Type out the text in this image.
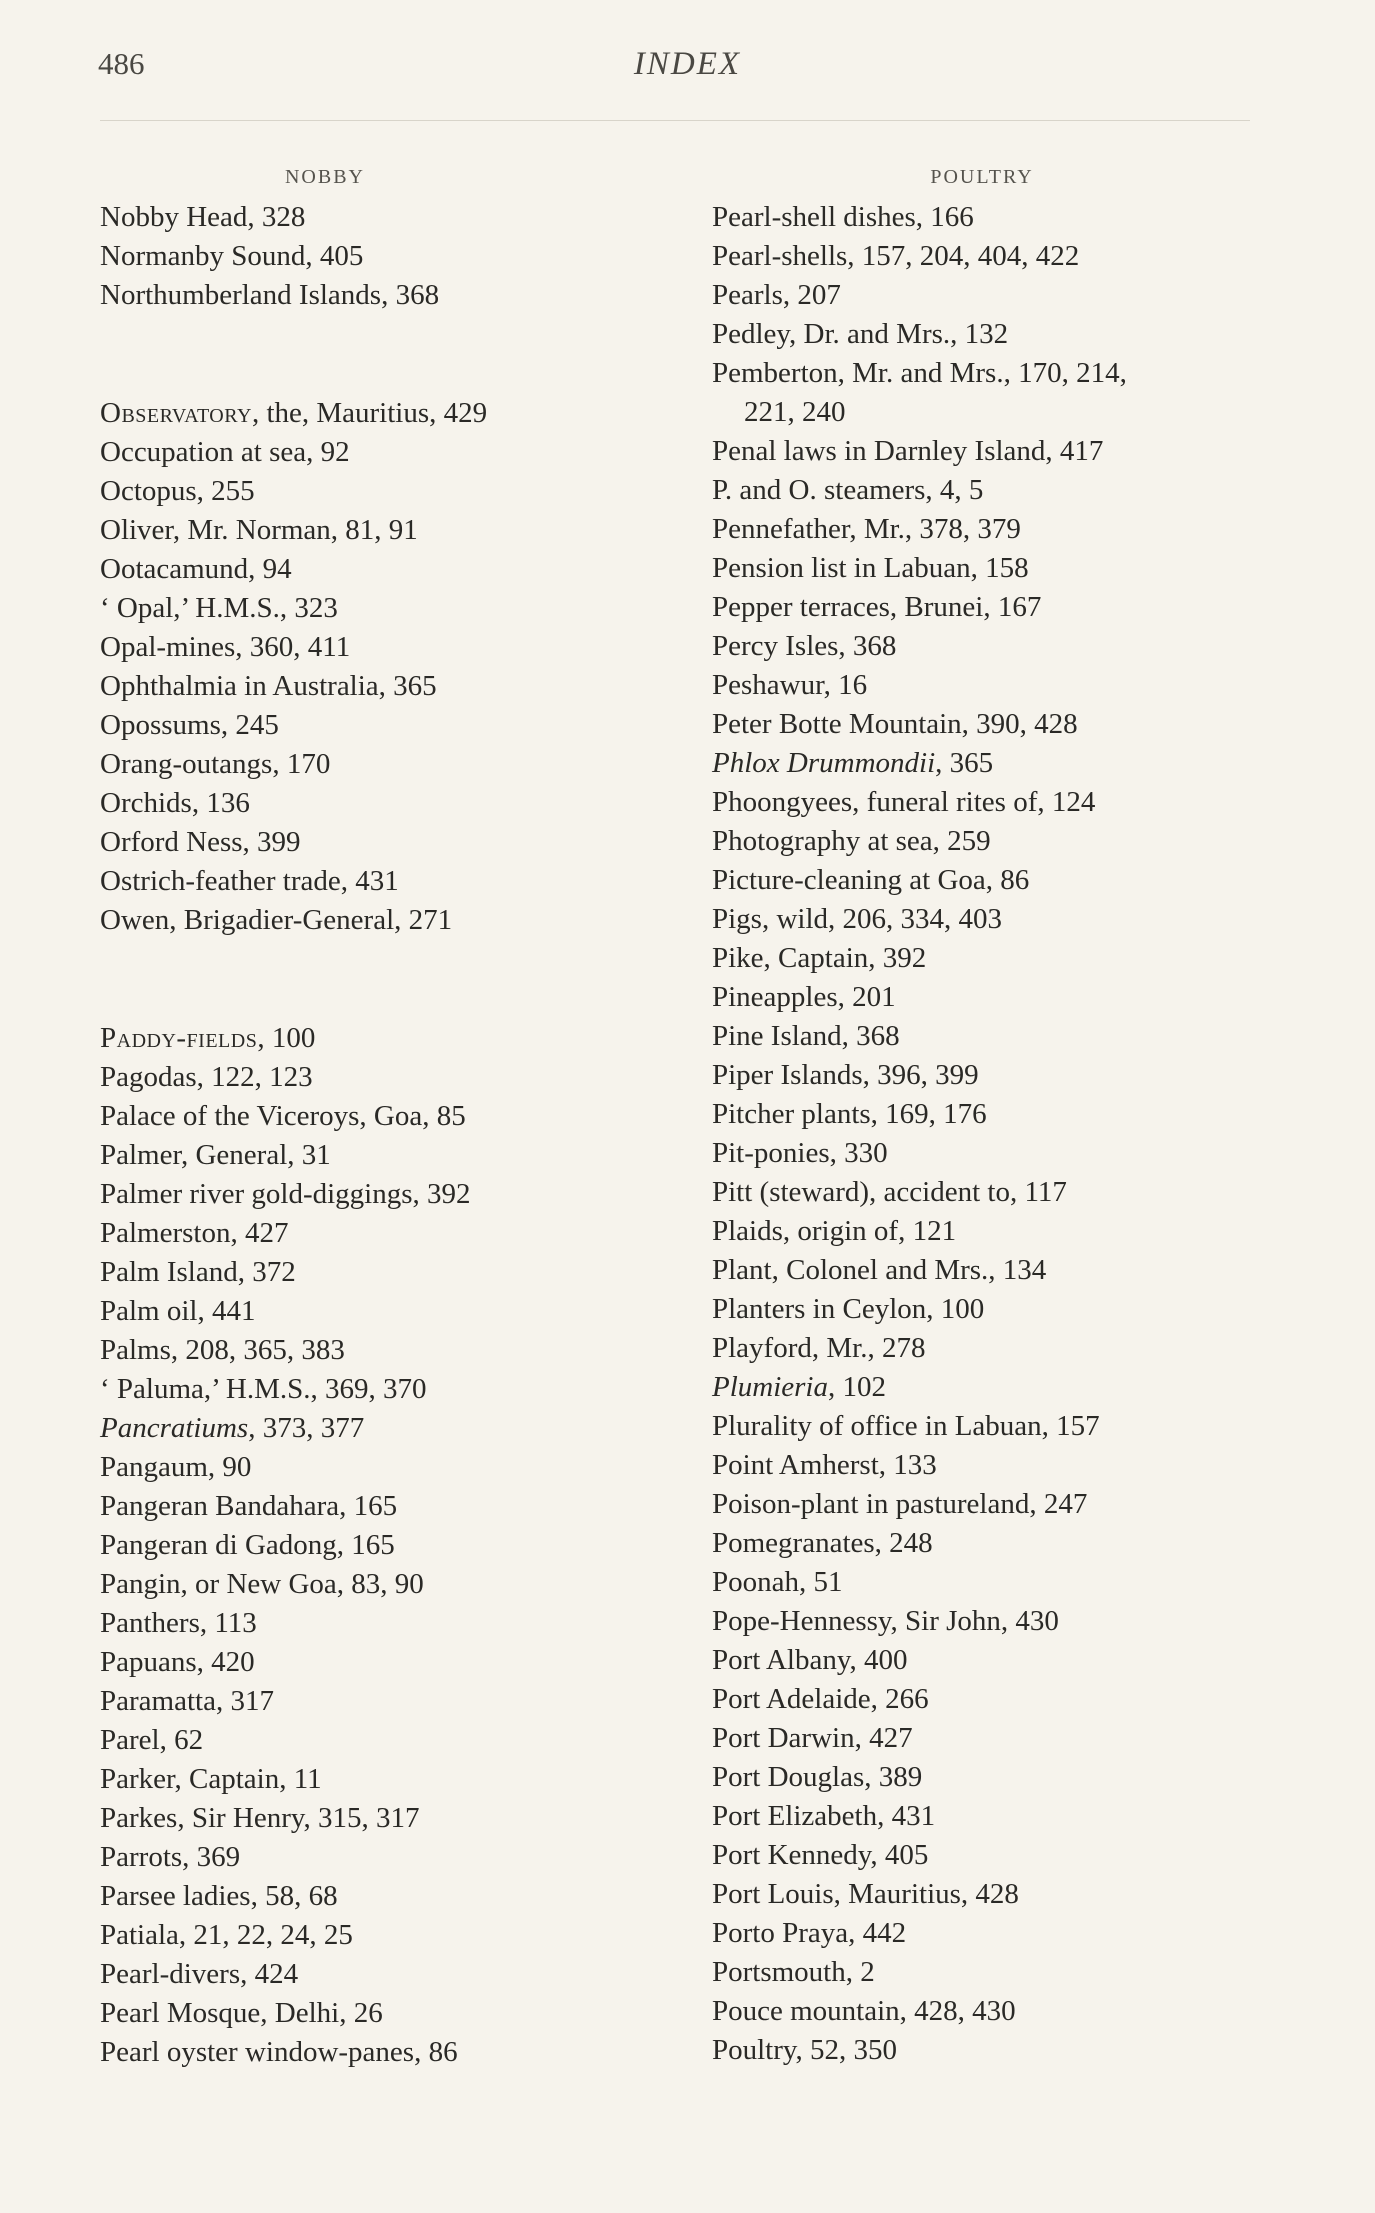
486	INDEX
NOBBY
Nobby Head, 328
Normanby Sound, 405
Northumberland Islands, 368
Observatory, the, Mauritius, 429
Occupation at sea, 92
Octopus, 255
Oliver, Mr. Norman, 81, 91
Ootacamund, 94
‘ Opal,’ H.M.S., 323
Opal-mines, 360, 411
Ophthalmia in Australia, 365
Opossums, 245
Orang-outangs, 170
Orchids, 136
Orford Ness, 399
Ostrich-feather trade, 431
Owen, Brigadier-General, 271
Paddy-fields, 100
Pagodas, 122, 123
Palace of the Viceroys, Goa, 85
Palmer, General, 31
Palmer river gold-diggings, 392
Palmerston, 427
Palm Island, 372
Palm oil, 441
Palms, 208, 365, 383
‘ Paluma,’ H.M.S., 369, 370
Pancratiums, 373, 377
Pangaum, 90
Pangeran Bandahara, 165
Pangeran di Gadong, 165
Pangin, or New Goa, 83, 90
Panthers, 113
Papuans, 420
Paramatta, 317
Parel, 62
Parker, Captain, 11
Parkes, Sir Henry, 315, 317
Parrots, 369
Parsee ladies, 58, 68
Patiala, 21, 22, 24, 25
Pearl-divers, 424
Pearl Mosque, Delhi, 26
Pearl oyster window-panes, 86
POULTRY
Pearl-shell dishes, 166
Pearl-shells, 157, 204, 404, 422
Pearls, 207
Pedley, Dr. and Mrs., 132
Pemberton, Mr. and Mrs., 170, 214,
221, 240
Penal laws in Darnley Island, 417
P. and O. steamers, 4, 5
Pennefather, Mr., 378, 379
Pension list in Labuan, 158
Pepper terraces, Brunei, 167
Percy Isles, 368
Peshawur, 16
Peter Botte Mountain, 390, 428
Phlox Drummondii, 365
Phoongyees, funeral rites of, 124
Photography at sea, 259
Picture-cleaning at Goa, 86
Pigs, wild, 206, 334, 403
Pike, Captain, 392
Pineapples, 201
Pine Island, 368
Piper Islands, 396, 399
Pitcher plants, 169, 176
Pit-ponies, 330
Pitt (steward), accident to, 117
Plaids, origin of, 121
Plant, Colonel and Mrs., 134
Planters in Ceylon, 100
Playford, Mr., 278
Plumieria, 102
Plurality of office in Labuan, 157
Point Amherst, 133
Poison-plant in pastureland, 247
Pomegranates, 248
Poonah, 51
Pope-Hennessy, Sir John, 430
Port Albany, 400
Port Adelaide, 266
Port Darwin, 427
Port Douglas, 389
Port Elizabeth, 431
Port Kennedy, 405
Port Louis, Mauritius, 428
Porto Praya, 442
Portsmouth, 2
Pouce mountain, 428, 430
Poultry, 52, 350
